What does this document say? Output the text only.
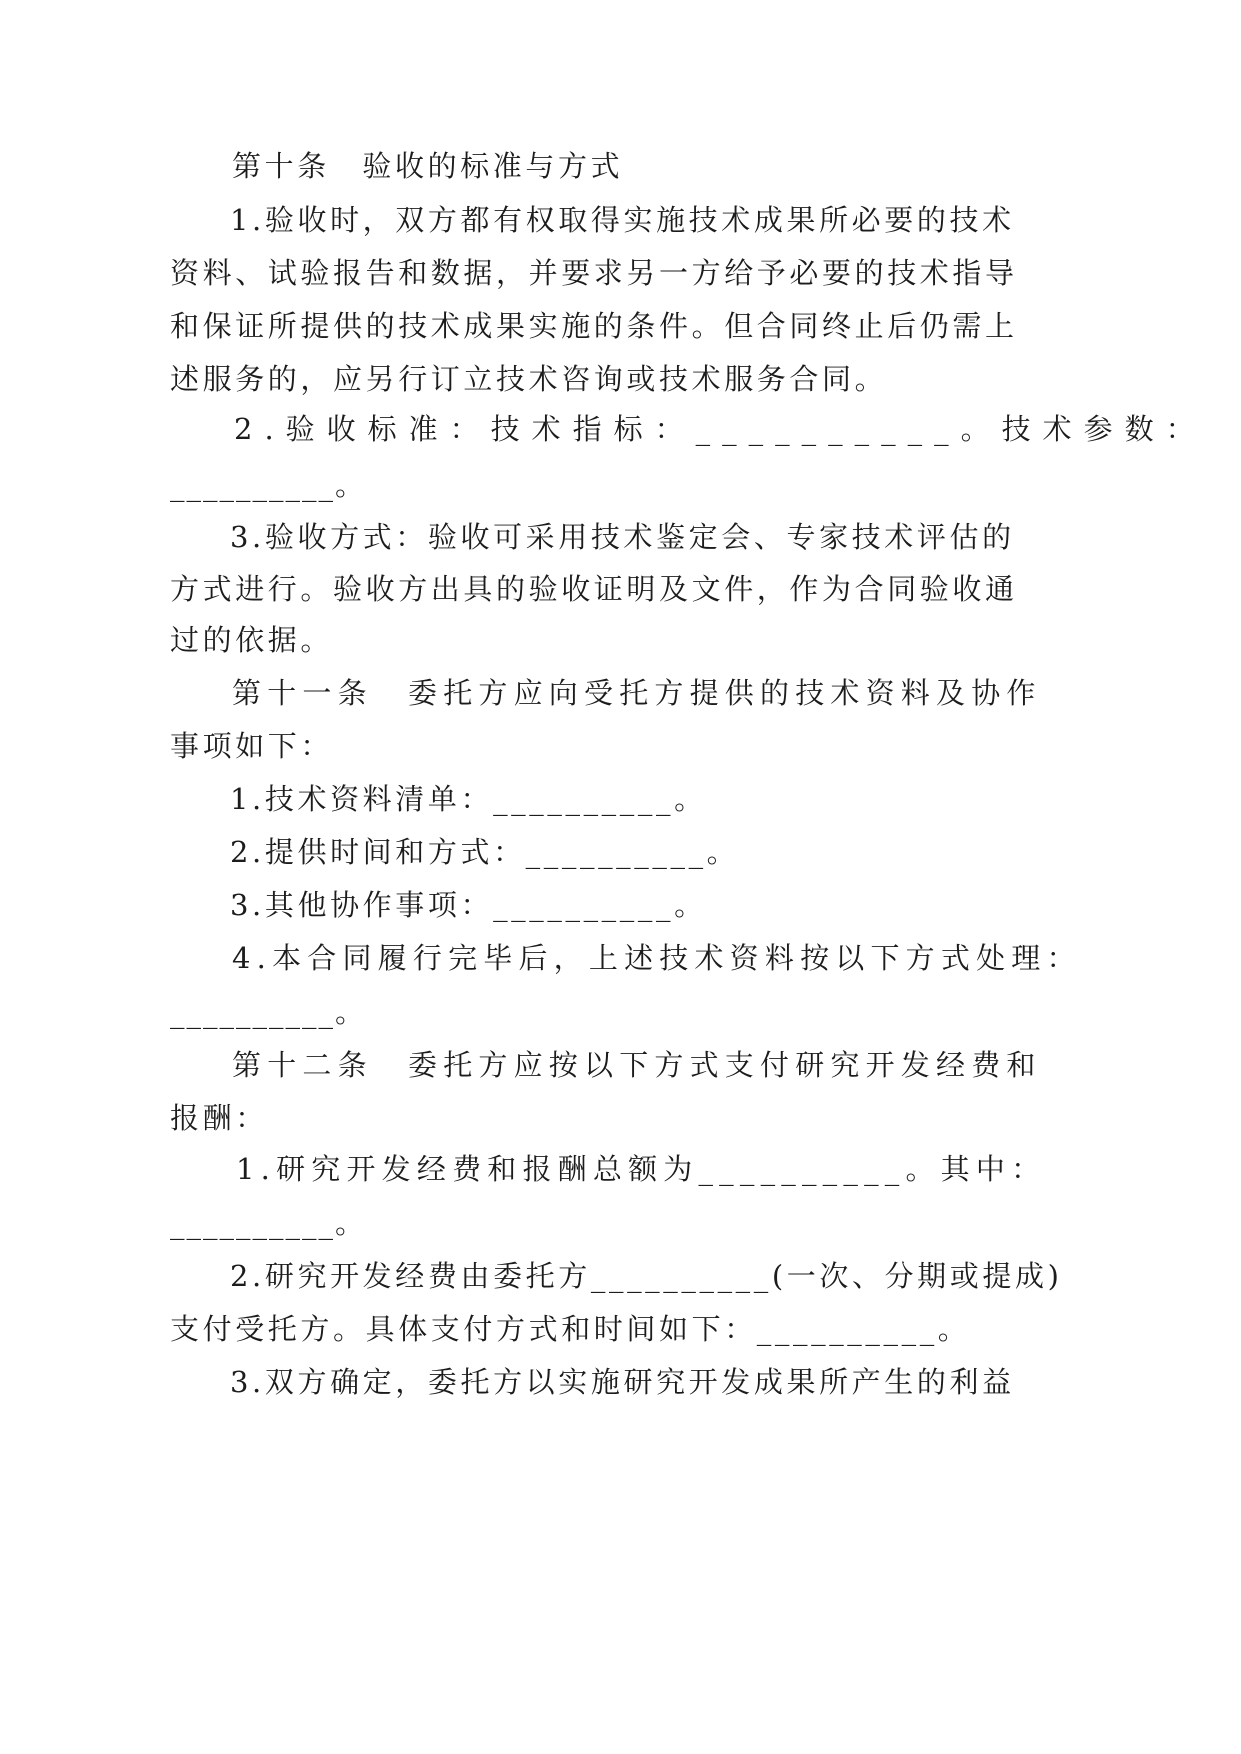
第十条　验收的标准与方式
1.验收时，双方都有权取得实施技术成果所必要的技术
资料、试验报告和数据，并要求另一方给予必要的技术指导
和保证所提供的技术成果实施的条件。但合同终止后仍需上
述服务的，应另行订立技术咨询或技术服务合同。
2.验收标准：技术指标：__________。技术参数：
__________。
3.验收方式：验收可采用技术鉴定会、专家技术评估的
方式进行。验收方出具的验收证明及文件，作为合同验收通
过的依据。
第十一条　委托方应向受托方提供的技术资料及协作
事项如下：
1.技术资料清单：__________。
2.提供时间和方式：__________。
3.其他协作事项：__________。
4.本合同履行完毕后，上述技术资料按以下方式处理：
__________。
第十二条　委托方应按以下方式支付研究开发经费和
报酬：
1.研究开发经费和报酬总额为__________。其中：
__________。
2.研究开发经费由委托方__________(一次、分期或提成)
支付受托方。具体支付方式和时间如下：__________。
3.双方确定，委托方以实施研究开发成果所产生的利益
